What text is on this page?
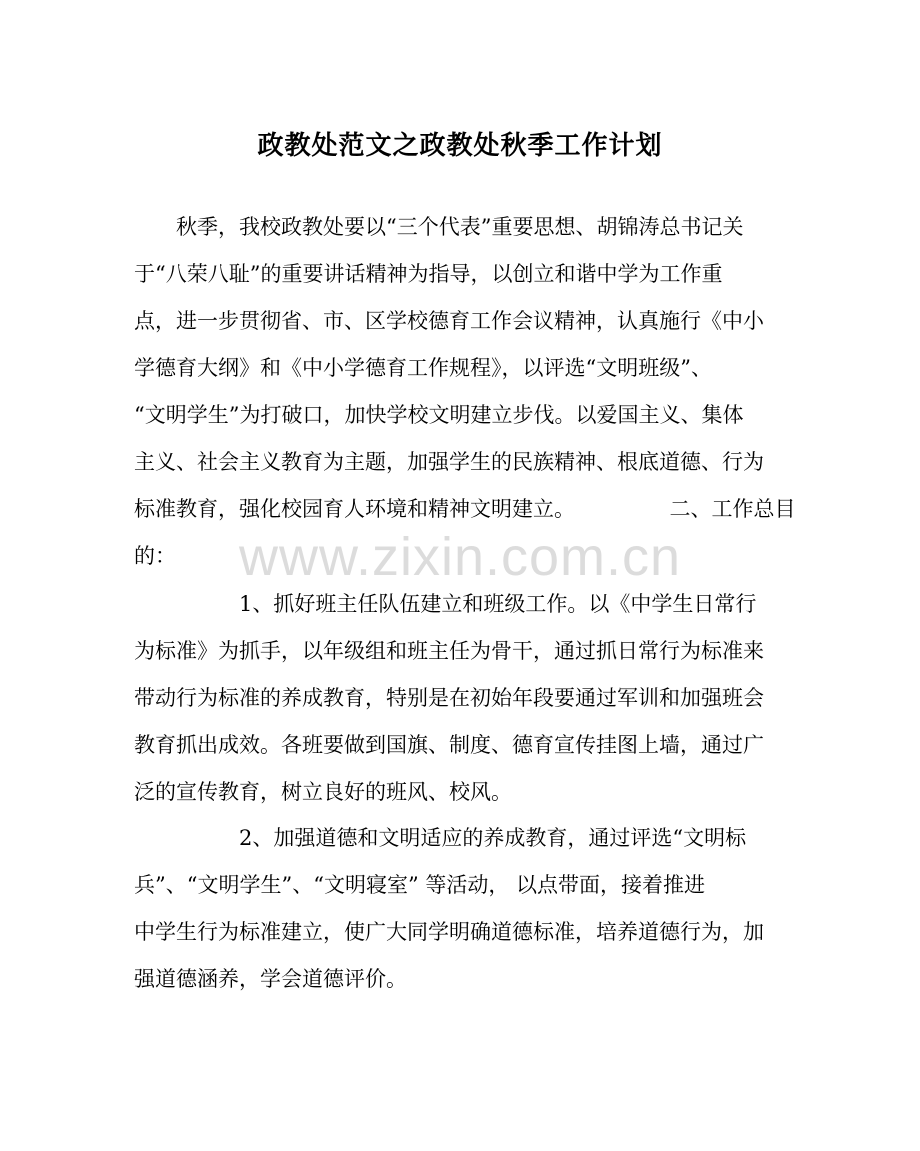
政教处范文之政教处秋季工作计划
　　秋季，我校政教处要以“三个代表”重要思想、胡锦涛总书记关
于“八荣八耻”的重要讲话精神为指导，以创立和谐中学为工作重
点，进一步贯彻省、市、区学校德育工作会议精神，认真施行《中小
学德育大纲》和《中小学德育工作规程》，以评选“文明班级”、
“文明学生”为打破口，加快学校文明建立步伐。以爱国主义、集体
主义、社会主义教育为主题，加强学生的民族精神、根底道德、行为
标准教育，强化校园育人环境和精神文明建立。　　　　　二、工作总目
的：
　　　　　1、抓好班主任队伍建立和班级工作。以《中学生日常行
为标准》为抓手，以年级组和班主任为骨干，通过抓日常行为标准来
带动行为标准的养成教育，特别是在初始年段要通过军训和加强班会
教育抓出成效。各班要做到国旗、制度、德育宣传挂图上墙，通过广
泛的宣传教育，树立良好的班风、校风。
　　　　　2、加强道德和文明适应的养成教育，通过评选“文明标
兵”、“文明学生”、“文明寝室” 等活动， 以点带面，接着推进
中学生行为标准建立，使广大同学明确道德标准，培养道德行为，加
强道德涵养，学会道德评价。
www.zixin.com.cn
